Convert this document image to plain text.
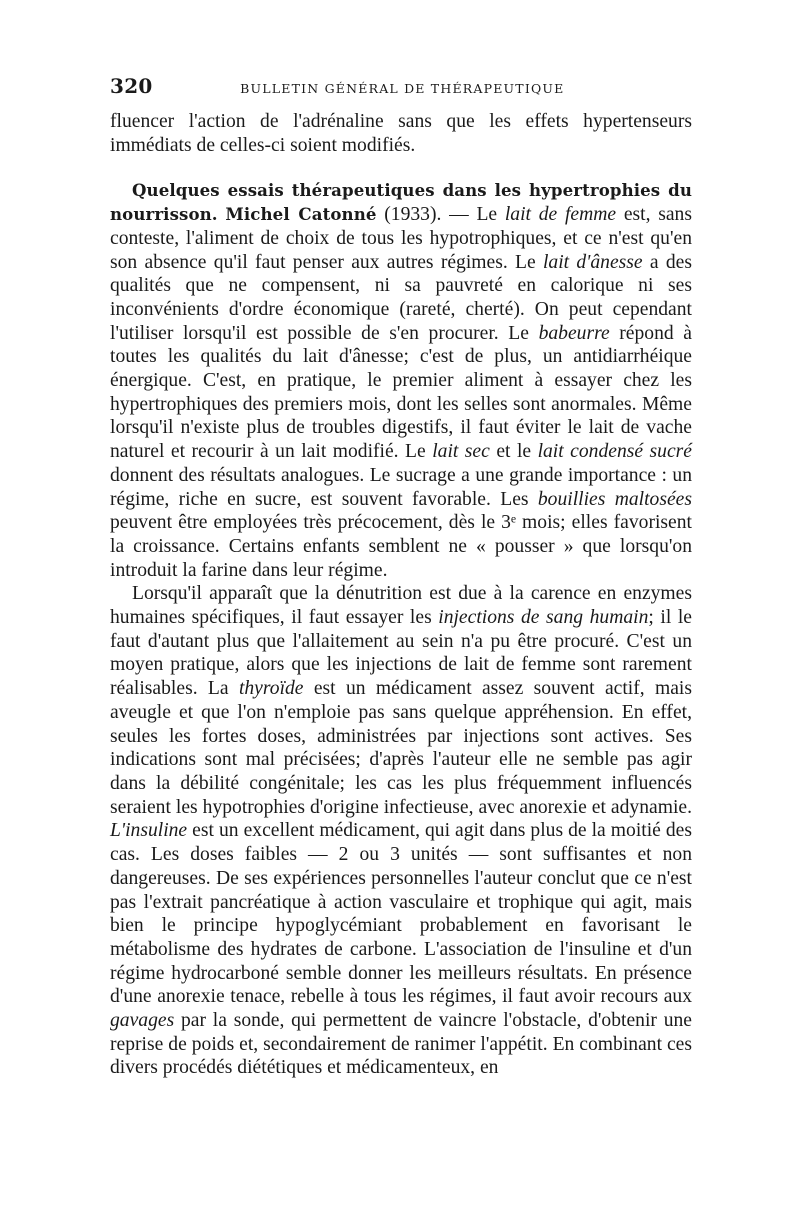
320	BULLETIN GÉNÉRAL DE THÉRAPEUTIQUE

fluencer l'action de l'adrénaline sans que les effets hypertenseurs immédiats de celles-ci soient modifiés.

Quelques essais thérapeutiques dans les hypertrophies du nourrisson. Michel Catonné (1933). — Le lait de femme est, sans conteste, l'aliment de choix de tous les hypotrophiques, et ce n'est qu'en son absence qu'il faut penser aux autres régimes. Le lait d'ânesse a des qualités que ne compensent, ni sa pauvreté en calorique ni ses inconvénients d'ordre économique (rareté, cherté). On peut cependant l'utiliser lorsqu'il est possible de s'en procurer. Le babeurre répond à toutes les qualités du lait d'ânesse; c'est de plus, un antidiarrhéique énergique. C'est, en pratique, le premier aliment à essayer chez les hypertrophiques des premiers mois, dont les selles sont anormales. Même lorsqu'il n'existe plus de troubles digestifs, il faut éviter le lait de vache naturel et recourir à un lait modifié. Le lait sec et le lait condensé sucré donnent des résultats analogues. Le sucrage a une grande importance : un régime, riche en sucre, est souvent favorable. Les bouillies maltosées peuvent être employées très précocement, dès le 3ᵉ mois; elles favorisent la croissance. Certains enfants semblent ne « pousser » que lorsqu'on introduit la farine dans leur régime.

Lorsqu'il apparaît que la dénutrition est due à la carence en enzymes humaines spécifiques, il faut essayer les injections de sang humain; il le faut d'autant plus que l'allaitement au sein n'a pu être procuré. C'est un moyen pratique, alors que les injections de lait de femme sont rarement réalisables. La thyroïde est un médicament assez souvent actif, mais aveugle et que l'on n'emploie pas sans quelque appréhension. En effet, seules les fortes doses, administrées par injections sont actives. Ses indications sont mal précisées; d'après l'auteur elle ne semble pas agir dans la débilité congénitale; les cas les plus fréquemment influencés seraient les hypotrophies d'origine infectieuse, avec anorexie et adynamie. L'insuline est un excellent médicament, qui agit dans plus de la moitié des cas. Les doses faibles — 2 ou 3 unités — sont suffisantes et non dangereuses. De ses expériences personnelles l'auteur conclut que ce n'est pas l'extrait pancréatique à action vasculaire et trophique qui agit, mais bien le principe hypoglycémiant probablement en favorisant le métabolisme des hydrates de carbone. L'association de l'insuline et d'un régime hydrocarboné semble donner les meilleurs résultats. En présence d'une anorexie tenace, rebelle à tous les régimes, il faut avoir recours aux gavages par la sonde, qui permettent de vaincre l'obstacle, d'obtenir une reprise de poids et, secondairement de ranimer l'appétit. En combinant ces divers procédés diététiques et médicamenteux, en
